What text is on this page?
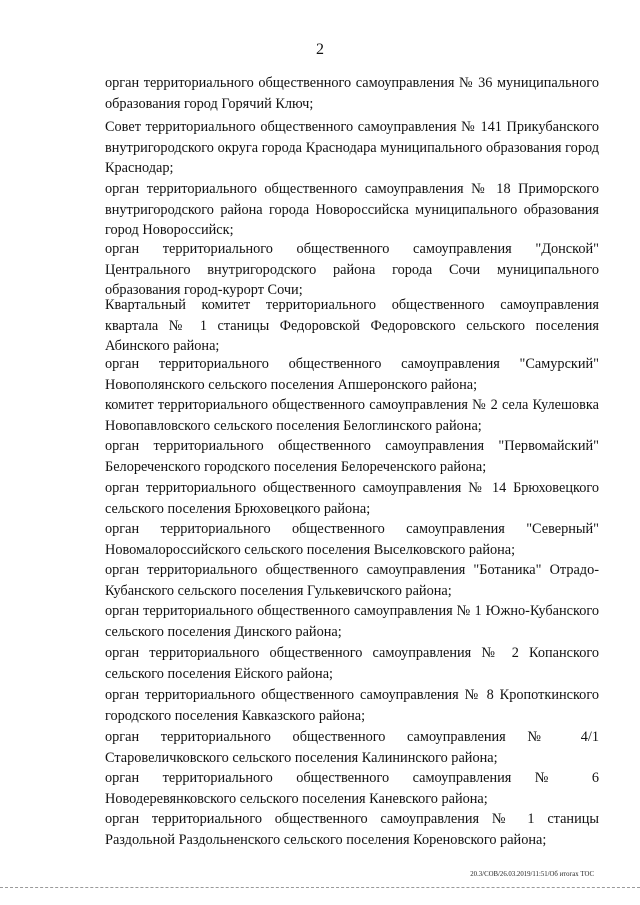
2

орган территориального общественного самоуправления № 36 муниципального образования город Горячий Ключ;

Совет территориального общественного самоуправления № 141 Прикубанского внутригородского округа города Краснодара муниципального образования город Краснодар;

орган территориального общественного самоуправления № 18 Приморского внутригородского района города Новороссийска муниципального образования город Новороссийск;

орган территориального общественного самоуправления "Донской" Центрального внутригородского района города Сочи муниципального образования город-курорт Сочи;

Квартальный комитет территориального общественного самоуправления квартала № 1 станицы Федоровской Федоровского сельского поселения Абинского района;

орган территориального общественного самоуправления "Самурский" Новополянского сельского поселения Апшеронского района;

комитет территориального общественного самоуправления № 2 села Кулешовка Новопавловского сельского поселения Белоглинского района;

орган территориального общественного самоуправления "Первомайский" Белореченского городского поселения Белореченского района;

орган территориального общественного самоуправления № 14 Брюховецкого сельского поселения Брюховецкого района;

орган территориального общественного самоуправления "Северный" Новомалороссийского сельского поселения Выселковского района;

орган территориального общественного самоуправления "Ботаника" Отрадо-Кубанского сельского поселения Гулькевичского района;

орган территориального общественного самоуправления № 1 Южно-Кубанского сельского поселения Динского района;

орган территориального общественного самоуправления № 2 Копанского сельского поселения Ейского района;

орган территориального общественного самоуправления № 8 Кропоткинского городского поселения Кавказского района;

орган территориального общественного самоуправления № 4/1 Старовеличковского сельского поселения Калининского района;

орган территориального общественного самоуправления № 6 Новодеревянковского сельского поселения Каневского района;

орган территориального общественного самоуправления № 1 станицы Раздольной Раздольненского сельского поселения Кореновского района;

20.3/СОВ/26.03.2019/11:51/Об итогах ТОС
